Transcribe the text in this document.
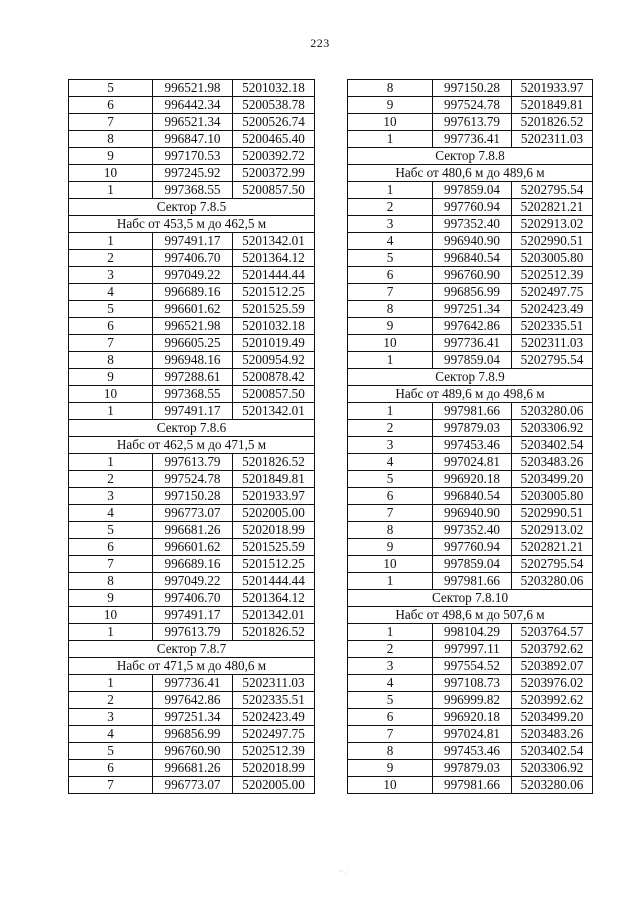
223
5	996521.98	5201032.18
6	996442.34	5200538.78
7	996521.34	5200526.74
8	996847.10	5200465.40
9	997170.53	5200392.72
10	997245.92	5200372.99
1	997368.55	5200857.50
Сектор 7.8.5		
Набс от 453,5 м до 462,5 м		
1	997491.17	5201342.01
2	997406.70	5201364.12
3	997049.22	5201444.44
4	996689.16	5201512.25
5	996601.62	5201525.59
6	996521.98	5201032.18
7	996605.25	5201019.49
8	996948.16	5200954.92
9	997288.61	5200878.42
10	997368.55	5200857.50
1	997491.17	5201342.01
Сектор 7.8.6		
Набс от 462,5 м до 471,5 м		
1	997613.79	5201826.52
2	997524.78	5201849.81
3	997150.28	5201933.97
4	996773.07	5202005.00
5	996681.26	5202018.99
6	996601.62	5201525.59
7	996689.16	5201512.25
8	997049.22	5201444.44
9	997406.70	5201364.12
10	997491.17	5201342.01
1	997613.79	5201826.52
Сектор 7.8.7		
Набс от 471,5 м до 480,6 м		
1	997736.41	5202311.03
2	997642.86	5202335.51
3	997251.34	5202423.49
4	996856.99	5202497.75
5	996760.90	5202512.39
6	996681.26	5202018.99
7	996773.07	5202005.00
8	997150.28	5201933.97
9	997524.78	5201849.81
10	997613.79	5201826.52
1	997736.41	5202311.03
Сектор 7.8.8		
Набс от 480,6 м до 489,6 м		
1	997859.04	5202795.54
2	997760.94	5202821.21
3	997352.40	5202913.02
4	996940.90	5202990.51
5	996840.54	5203005.80
6	996760.90	5202512.39
7	996856.99	5202497.75
8	997251.34	5202423.49
9	997642.86	5202335.51
10	997736.41	5202311.03
1	997859.04	5202795.54
Сектор 7.8.9		
Набс от 489,6 м до 498,6 м		
1	997981.66	5203280.06
2	997879.03	5203306.92
3	997453.46	5203402.54
4	997024.81	5203483.26
5	996920.18	5203499.20
6	996840.54	5203005.80
7	996940.90	5202990.51
8	997352.40	5202913.02
9	997760.94	5202821.21
10	997859.04	5202795.54
1	997981.66	5203280.06
Сектор 7.8.10		
Набс от 498,6 м до 507,6 м		
1	998104.29	5203764.57
2	997997.11	5203792.62
3	997554.52	5203892.07
4	997108.73	5203976.02
5	996999.82	5203992.62
6	996920.18	5203499.20
7	997024.81	5203483.26
8	997453.46	5203402.54
9	997879.03	5203306.92
10	997981.66	5203280.06
·-·¸·
